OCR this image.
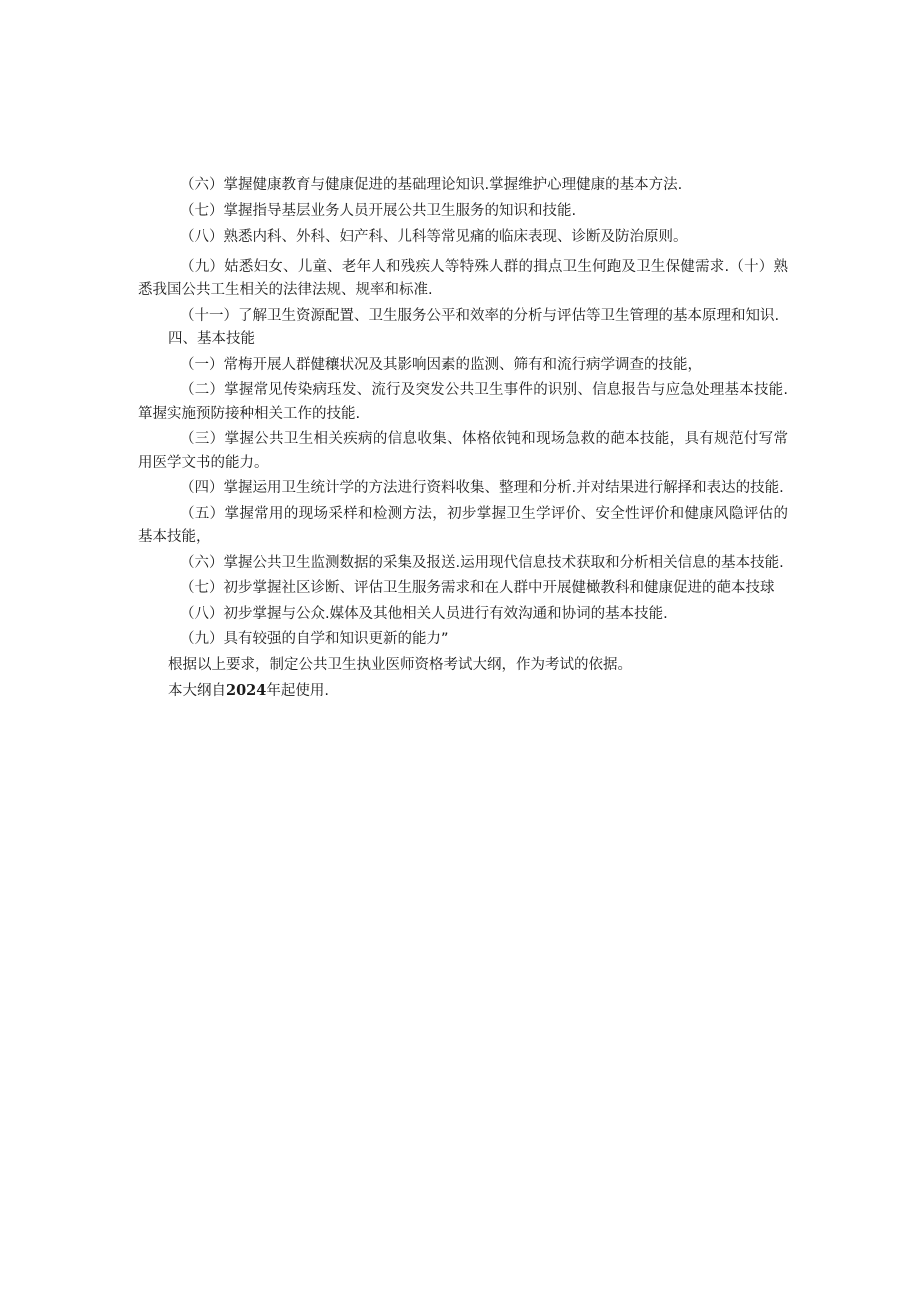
（六）掌握健康教育与健康促进的基础理论知识.掌握维护心理健康的基本方法.

（七）掌握指导基层业务人员开展公共卫生服务的知识和技能.

（八）熟悉内科、外科、妇产科、儿科等常见痛的临床表现、诊断及防治原则。

（九）姑悉妇女、儿童、老年人和残疾人等特殊人群的揖点卫生何跑及卫生保健需求.（十）熟悉我国公共工生相关的法律法规、规率和标准.

（十一）了解卫生资源配置、卫生服务公平和效率的分析与评估等卫生管理的基本原理和知识.

四、基本技能

（一）常梅开展人群健穰状况及其影响因素的监测、筛有和流行病学调查的技能，

（二）掌握常见传染病珏发、流行及突发公共卫生事件的识别、信息报告与应急处理基本技能.箪握实施预防接种相关工作的技能.

（三）掌握公共卫生相关疾病的信息收集、体格依钝和现场急救的葩本技能，具有规范付写常用医学文书的能力。

（四）掌握运用卫生统计学的方法进行资料收集、整理和分析.并对结果进行解择和表达的技能.

（五）掌握常用的现场采样和检测方法，初步掌握卫生学评价、安全性评价和健康风隐评估的基本技能，

（六）掌握公共卫生监测数据的采集及报送.运用现代信息技术获取和分析相关信息的基本技能.

（七）初步掌握社区诊断、评估卫生服务需求和在人群中开展健橄教科和健康促进的葩本技球

（八）初步掌握与公众.媒体及其他相关人员进行有效沟通和协词的基本技能.

（九）具有较强的自学和知识更新的能力”

根据以上要求，制定公共卫生执业医师资格考试大纲，作为考试的依据。

本大纲自2024年起使用.
